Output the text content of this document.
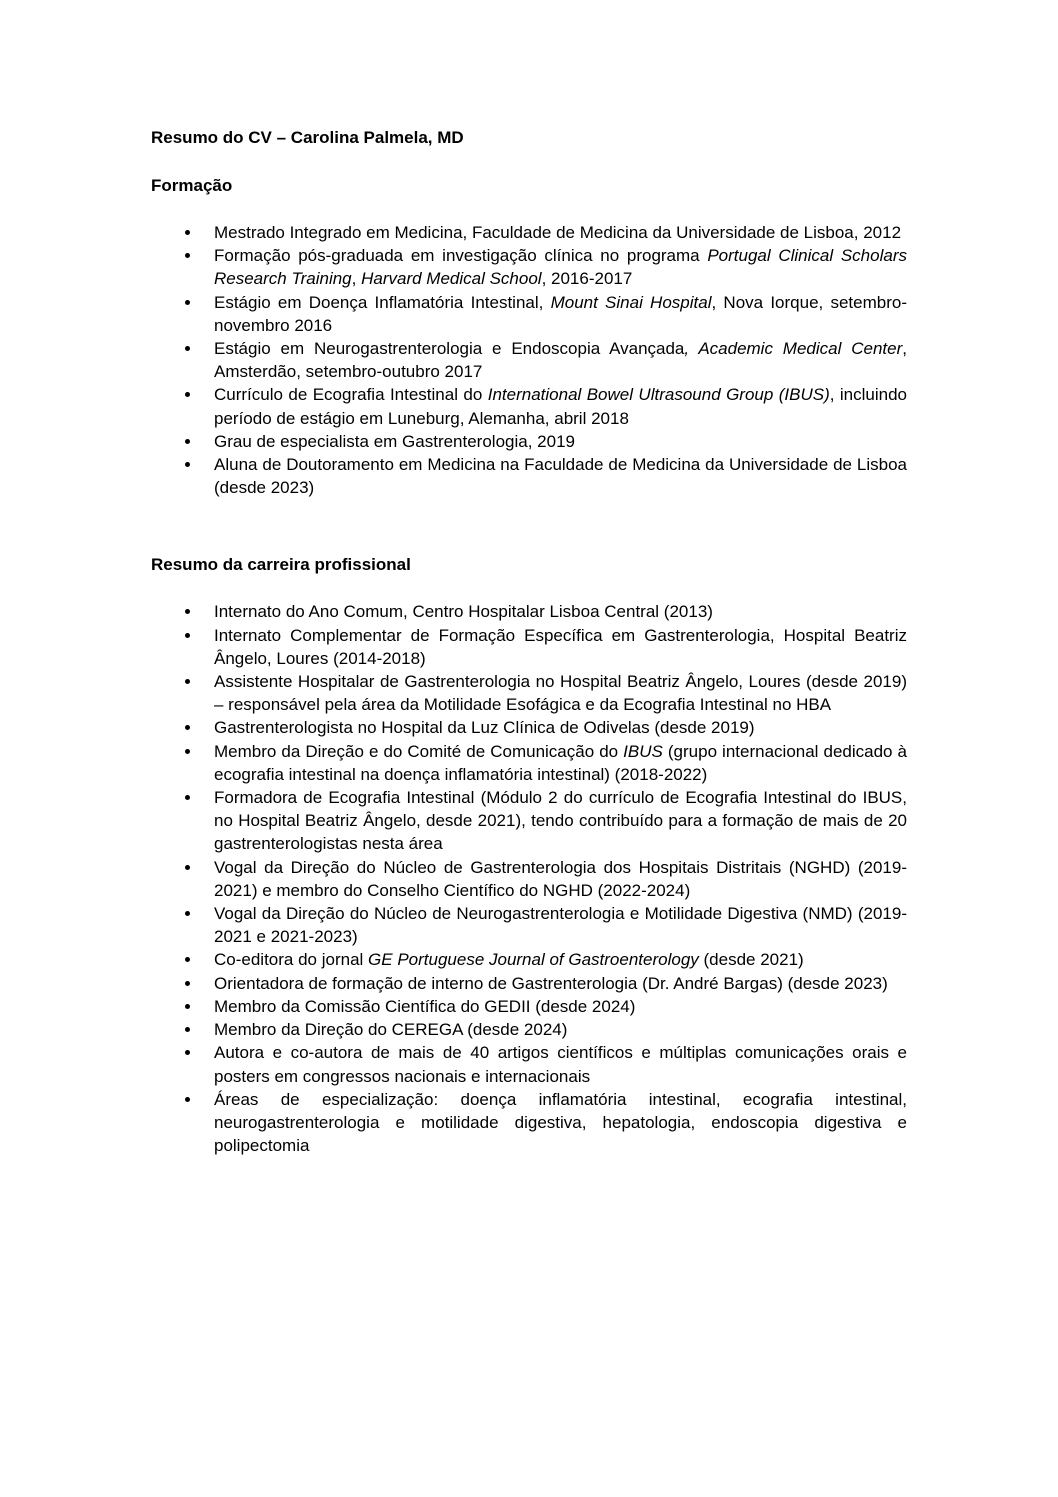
Resumo do CV – Carolina Palmela, MD
Formação
Mestrado Integrado em Medicina, Faculdade de Medicina da Universidade de Lisboa, 2012
Formação pós-graduada em investigação clínica no programa Portugal Clinical Scholars Research Training, Harvard Medical School, 2016-2017
Estágio em Doença Inflamatória Intestinal, Mount Sinai Hospital, Nova Iorque, setembro-novembro 2016
Estágio em Neurogastrenterologia e Endoscopia Avançada, Academic Medical Center, Amsterdão, setembro-outubro 2017
Currículo de Ecografia Intestinal do International Bowel Ultrasound Group (IBUS), incluindo período de estágio em Luneburg, Alemanha, abril 2018
Grau de especialista em Gastrenterologia, 2019
Aluna de Doutoramento em Medicina na Faculdade de Medicina da Universidade de Lisboa (desde 2023)
Resumo da carreira profissional
Internato do Ano Comum, Centro Hospitalar Lisboa Central (2013)
Internato Complementar de Formação Específica em Gastrenterologia, Hospital Beatriz Ângelo, Loures (2014-2018)
Assistente Hospitalar de Gastrenterologia no Hospital Beatriz Ângelo, Loures (desde 2019) – responsável pela área da Motilidade Esofágica e da Ecografia Intestinal no HBA
Gastrenterologista no Hospital da Luz Clínica de Odivelas (desde 2019)
Membro da Direção e do Comité de Comunicação do IBUS (grupo internacional dedicado à ecografia intestinal na doença inflamatória intestinal) (2018-2022)
Formadora de Ecografia Intestinal (Módulo 2 do currículo de Ecografia Intestinal do IBUS, no Hospital Beatriz Ângelo, desde 2021), tendo contribuído para a formação de mais de 20 gastrenterologistas nesta área
Vogal da Direção do Núcleo de Gastrenterologia dos Hospitais Distritais (NGHD) (2019-2021) e membro do Conselho Científico do NGHD (2022-2024)
Vogal da Direção do Núcleo de Neurogastrenterologia e Motilidade Digestiva (NMD) (2019-2021 e 2021-2023)
Co-editora do jornal GE Portuguese Journal of Gastroenterology (desde 2021)
Orientadora de formação de interno de Gastrenterologia (Dr. André Bargas) (desde 2023)
Membro da Comissão Científica do GEDII (desde 2024)
Membro da Direção do CEREGA (desde 2024)
Autora e co-autora de mais de 40 artigos científicos e múltiplas comunicações orais e posters em congressos nacionais e internacionais
Áreas de especialização: doença inflamatória intestinal, ecografia intestinal, neurogastrenterologia e motilidade digestiva, hepatologia, endoscopia digestiva e polipectomia
